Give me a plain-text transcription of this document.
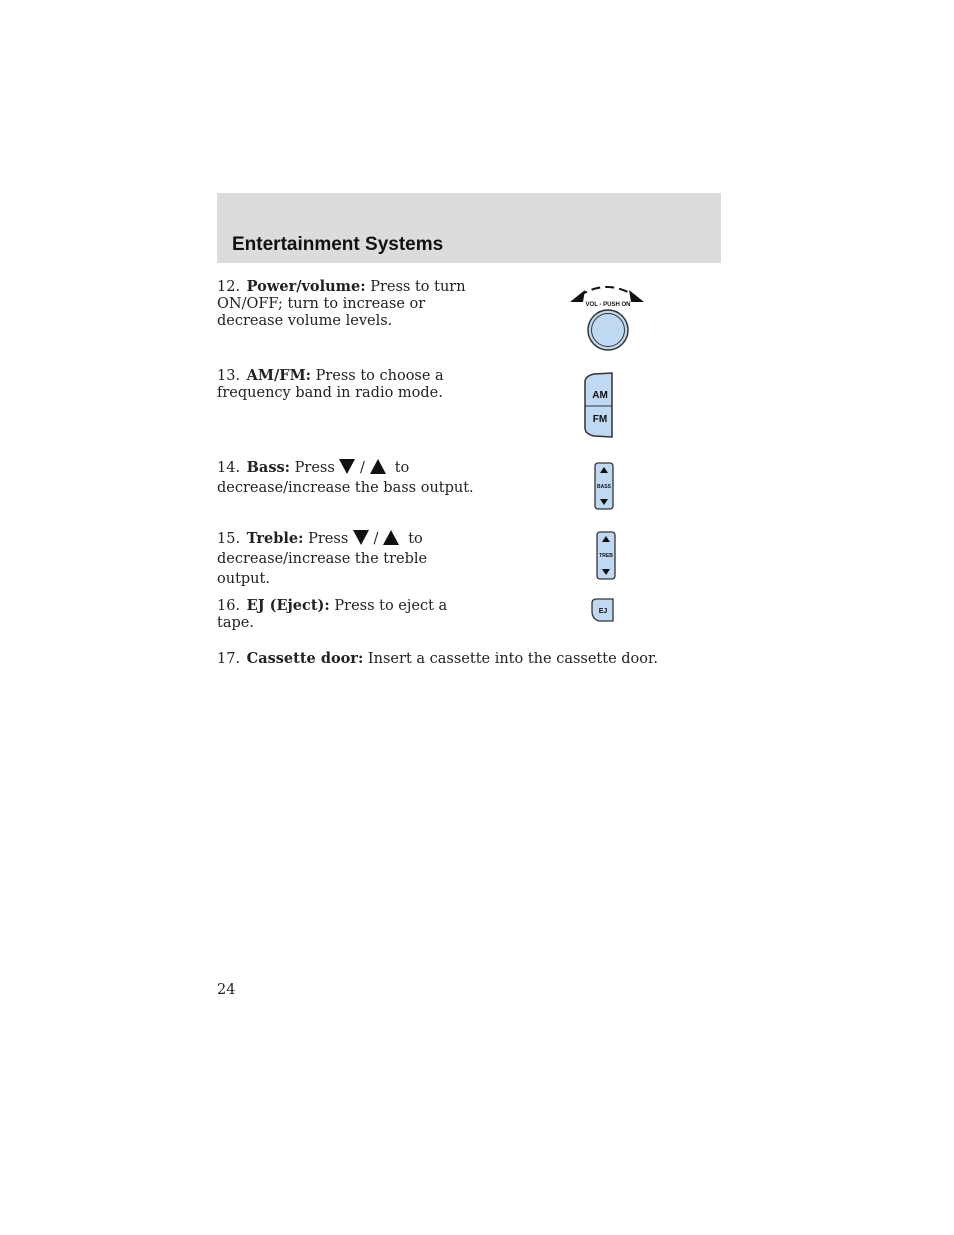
Entertainment Systems
12. Power/volume: Press to turn ON/OFF; turn to increase or decrease volume levels.
13. AM/FM: Press to choose a frequency band in radio mode.
14. Bass: Press / to
decrease/increase the bass output.
15. Treble: Press / to
decrease/increase the treble output.
16. EJ (Eject): Press to eject a tape.
17. Cassette door: Insert a cassette into the cassette door.
VOL - PUSH ON
AM
FM
BASS
TREB
EJ
24
